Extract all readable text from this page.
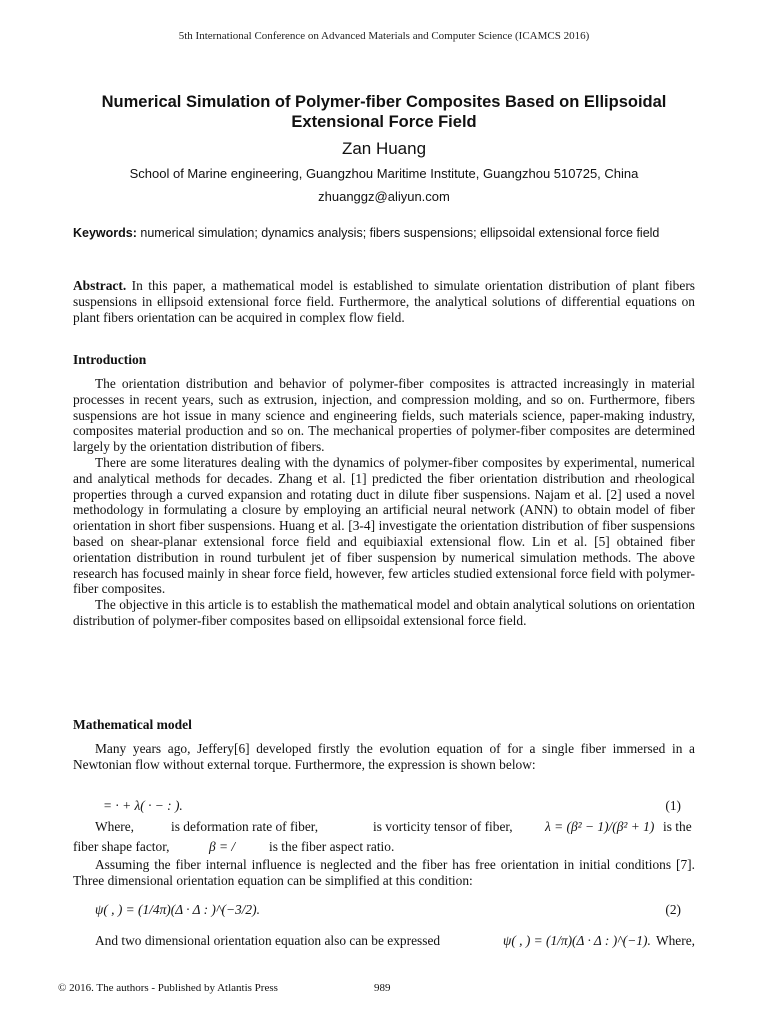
5th International Conference on Advanced Materials and Computer Science (ICAMCS 2016)
Numerical Simulation of Polymer-fiber Composites Based on Ellipsoidal Extensional Force Field
Zan Huang
School of Marine engineering, Guangzhou Maritime Institute, Guangzhou 510725, China
zhuanggz@aliyun.com
Keywords: numerical simulation; dynamics analysis; fibers suspensions; ellipsoidal extensional force field

Abstract. In this paper, a mathematical model is established to simulate orientation distribution of plant fibers suspensions in ellipsoid extensional force field. Furthermore, the analytical solutions of differential equations on plant fibers orientation can be acquired in complex flow field.

Introduction

The orientation distribution and behavior of polymer-fiber composites is attracted increasingly in material processes in recent years, such as extrusion, injection, and compression molding, and so on. Furthermore, fibers suspensions are hot issue in many science and engineering fields, such materials science, paper-making industry, composites material production and so on. The mechanical properties of polymer-fiber composites are determined largely by the orientation distribution of fibers.

There are some literatures dealing with the dynamics of polymer-fiber composites by experimental, numerical and analytical methods for decades. Zhang et al. [1] predicted the fiber orientation distribution and rheological properties through a curved expansion and rotating duct in dilute fiber suspensions. Najam et al. [2] used a novel methodology in formulating a closure by employing an artificial neural network (ANN) to obtain model of fiber orientation in short fiber suspensions. Huang et al. [3-4] investigate the orientation distribution of fiber suspensions based on shear-planar extensional force field and equibiaxial extensional flow. Lin et al. [5] obtained fiber orientation distribution in round turbulent jet of fiber suspension by numerical simulation methods. The above research has focused mainly in shear force field, however, few articles studied extensional force field with polymer-fiber composites.

The objective in this article is to establish the mathematical model and obtain analytical solutions on orientation distribution of polymer-fiber composites based on ellipsoidal extensional force field.

Mathematical model

Many years ago, Jeffery[6] developed firstly the evolution equation of for a single fiber immersed in a Newtonian flow without external torque. Furthermore, the expression is shown below:

= · + λ( · − : ).	(1)
Where,	is deformation rate of fiber,	is vorticity tensor of fiber, λ = (β² − 1)/(β² + 1) is the
fiber shape factor,	β = /	is the fiber aspect ratio.

Assuming the fiber internal influence is neglected and the fiber has free orientation in initial conditions [7]. Three dimensional orientation equation can be simplified at this condition:

ψ( , ) = (1/4π)(Δ · Δ : )^(−3/2).	(2)
And two dimensional orientation equation also can be expressed	ψ( , ) = (1/π)(Δ · Δ : )^(−1). Where,
© 2016. The authors - Published by Atlantis Press	989
